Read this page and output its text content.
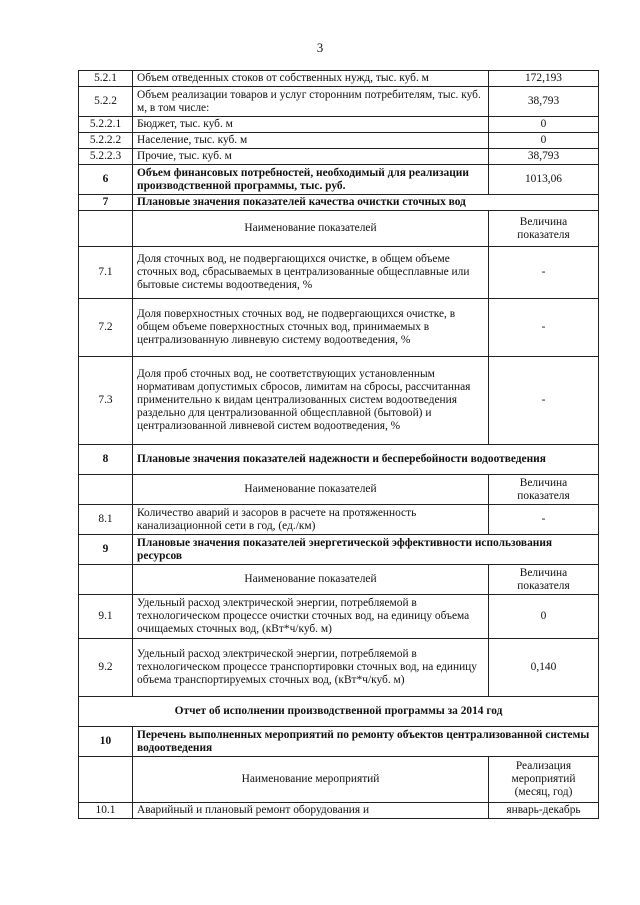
3
5.2.1	Объем отведенных стоков от собственных нужд, тыс. куб. м	172,193
5.2.2	Объем реализации товаров и услуг сторонним потребителям, тыс. куб. м, в том числе:	38,793
5.2.2.1	Бюджет, тыс. куб. м	0
5.2.2.2	Население, тыс. куб. м	0
5.2.2.3	Прочие, тыс. куб. м	38,793
6	Объем финансовых потребностей, необходимый для реализации производственной программы, тыс. руб.	1013,06
7	Плановые значения показателей качества очистки сточных вод	
	Наименование показателей	Величина показателя
7.1	Доля сточных вод, не подвергающихся очистке, в общем объеме сточных вод, сбрасываемых в централизованные общесплавные или бытовые системы водоотведения, %	-
7.2	Доля поверхностных сточных вод, не подвергающихся очистке, в общем объеме поверхностных сточных вод, принимаемых в централизованную ливневую систему водоотведения, %	-
7.3	Доля проб сточных вод, не соответствующих установленным нормативам допустимых сбросов, лимитам на сбросы, рассчитанная применительно к видам централизованных систем водоотведения раздельно для централизованной общесплавной (бытовой) и централизованной ливневой систем водоотведения, %	-
8	Плановые значения показателей надежности и бесперебойности водоотведения	
	Наименование показателей	Величина показателя
8.1	Количество аварий и засоров в расчете на протяженность канализационной сети в год, (ед./км)	-
9	Плановые значения показателей энергетической эффективности использования ресурсов	
	Наименование показателей	Величина показателя
9.1	Удельный расход электрической энергии, потребляемой в технологическом процессе очистки сточных вод, на единицу объема очищаемых сточных вод, (кВт*ч/куб. м)	0
9.2	Удельный расход электрической энергии, потребляемой в технологическом процессе транспортировки сточных вод, на единицу объема транспортируемых сточных вод, (кВт*ч/куб. м)	0,140
Отчет об исполнении производственной программы за 2014 год		
10	Перечень выполненных мероприятий по ремонту объектов централизованной системы водоотведения	
	Наименование мероприятий	Реализация мероприятий (месяц, год)
10.1	Аварийный и плановый ремонт оборудования и	январь-декабрь
